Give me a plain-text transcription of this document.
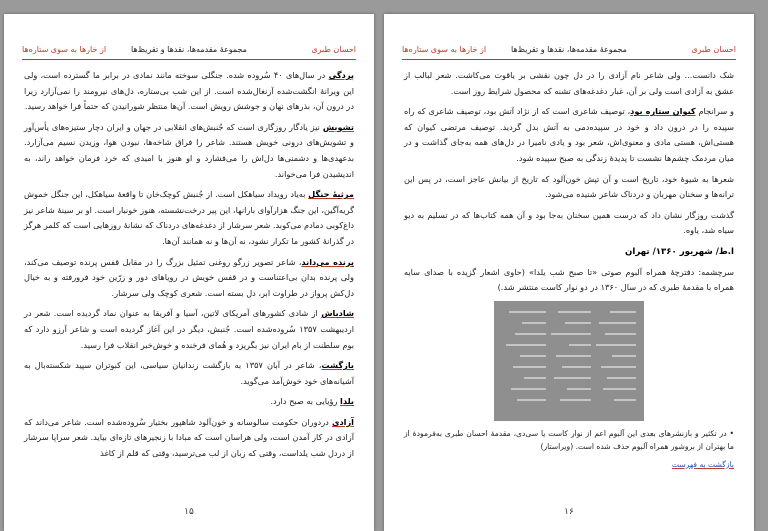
احسان طبری
مجموعۀ مقدمه‌ها، نقدها و تقریظ‌ها
از خارها به سوی ستاره‌ها

پردگی در سال‌های ۴۰ سُروده شده. جنگلی سوخته مانند نمادی در برابر ما گسترده است، ولی این ویرانهٔ انگشت‌شده آزنغال‌شده است. از این شب بی‌ستاره، دل‌های نیرومند را نمی‌آزارد زیرا در درون آن، بذرهای نهان و جوشش رویش است. آن‌ها منتظر شورانیدن که حتماً فرا خواهد رسید.

تشویش نیز یادگار روزگاری است که جُنبش‌های انقلابی در جهان و ایران دچار ستیزه‌های یأس‌آور و تشویش‌های درونی خویش هستند. شاعر را فراق شاخه‌ها، نبودن هوا، وزیدن نسیم می‌آزارد. بدعهدی‌ها و دشمنی‌ها دل‌اش را می‌فشارد و او هنوز با امیدی که خرد فرمان خواهد راند، به اندیشیدن فرا می‌خواند.

مرثیهٔ جنگل به‌یاد رویداد سیاهکل است. از جُنبش کوچک‌خان تا واقعهٔ سیاهکل، این جنگل خموش گریه‌آگین، این جنگ هزارآوای بارانها، این پیر درخت‌نشسته، هنوز خونبار است. او بر سینهٔ شاعر نیز داغ‌کوبی دمادم می‌کوبد. شعر سرشار از دغدغه‌های دردناک که نشانهٔ روزهایی است که کلمر هرگز در گذرانهٔ کشور ما تکرار نشود، نه آن‌ها و نه همانند آن‌ها.

پرنده می‌داند، شاعر تصویر زرگو روغنی تمثیل بزرگ را در مقابل قفس پرنده توصیف می‌کند، ولی پرنده بدان بی‌اعتناست و در قفس خویش در رویاهای دور و زرّین خود فرورفته و به خیال دل‌کش پرواز در طراوت ابر، دل بسته است. شعری کوچک ولی سرشار.

شادباش از شادی کشورهای آمریکای لاتین، آسیا و آفریقا به عنوان نماد گردیده است. شعر در اردیبهشت ۱۳۵۷ سُروده‌شده است. جُنبش، دیگر در این آغاز گردیده است و شاعر آرزو دارد که بوم سلطنت از بام ایران نیز بگریزد و هُمای فرخنده و خوش‌خبر انقلاب فرا رسید.

بازگشت، شاعر در آبان ۱۳۵۷ به بازگشت زندانیان سیاسی، این کبوتران سپید شکسته‌بال به آشیانه‌های خود خوش‌آمد می‌گوید.

یلدا رؤیایی به صبح دارد.

آزادی دردوران حکومت سالوسانه و خون‌آلود شاهپور بختیار سُروده‌شده است. شاعر می‌داند که آزادی در کار آمدن است، ولی هراسان است که مبادا با زنجیرهای تازه‌ای بیاید. شعر سراپا سرشار از دردل شب یلداست، وقتی که زبان از لب می‌ترسید، وقتی که قلم از کاغذ

۱۵
احسان طبری
مجموعۀ مقدمه‌ها، نقدها و تقریظ‌ها
از خارها به سوی ستاره‌ها

شک دانست... ولی شاعر نام آزادی را در دل چون نقشی بر یاقوت می‌کاشت. شعر لبالب از عشق به آزادی است ولی بر آن، غبار دغدغه‌های تشنه که محصول شرایط روز است.

و سرانجام کیوان ستاره بود، توصیف شاعری است که از نژاد آتش بود، توصیف شاعری که راه سپیده را در درون داد و خود در سپیده‌دمی به آتش بدل گردید. توصیف مرتضی کیوان که هستی‌اش، هستی مادی و معنوی‌اش، شعر بود و یادی نامیرا در دل‌های همه به‌جای گذاشت و در میان مردمک چشم‌ها نشست تا پدیدهٔ زندگی به صبح سپیده شود.

شعرها به شیوهٔ خود، تاریخ است و آن تپش خون‌آلود که تاریخ از بیانش عاجز است، در پس این ترانه‌ها و سخنان مهربان و دردناک شاعر شنیده می‌شود.

گذشت روزگار نشان داد که درست همین سخنان به‌جا بود و آن همه کتاب‌ها که در تسلیم به دیو سیاه شد، یاوه.

ا.ط/ شهریور ۱۳۶۰/ تهران

سرچشمه: دفترچهٔ همراه آلبوم صوتی «تا صبح شب یلدا» (حاوی اشعار گزیده با صدای سایه همراه با مقدمهٔ طبری که در سال ۱۳۶۰ در دو نوار کاست منتشر شد.)

• در تکثیر و بازنشرهای بعدی این آلبوم اعم از نوار کاست یا سی‌دی، مقدمهٔ احسان طبری به‌فرمودهٔ از ما بهتران از بروشور همراه آلبوم حذف شده است. (ویراستار)

بازگشت به فهرست

۱۶
